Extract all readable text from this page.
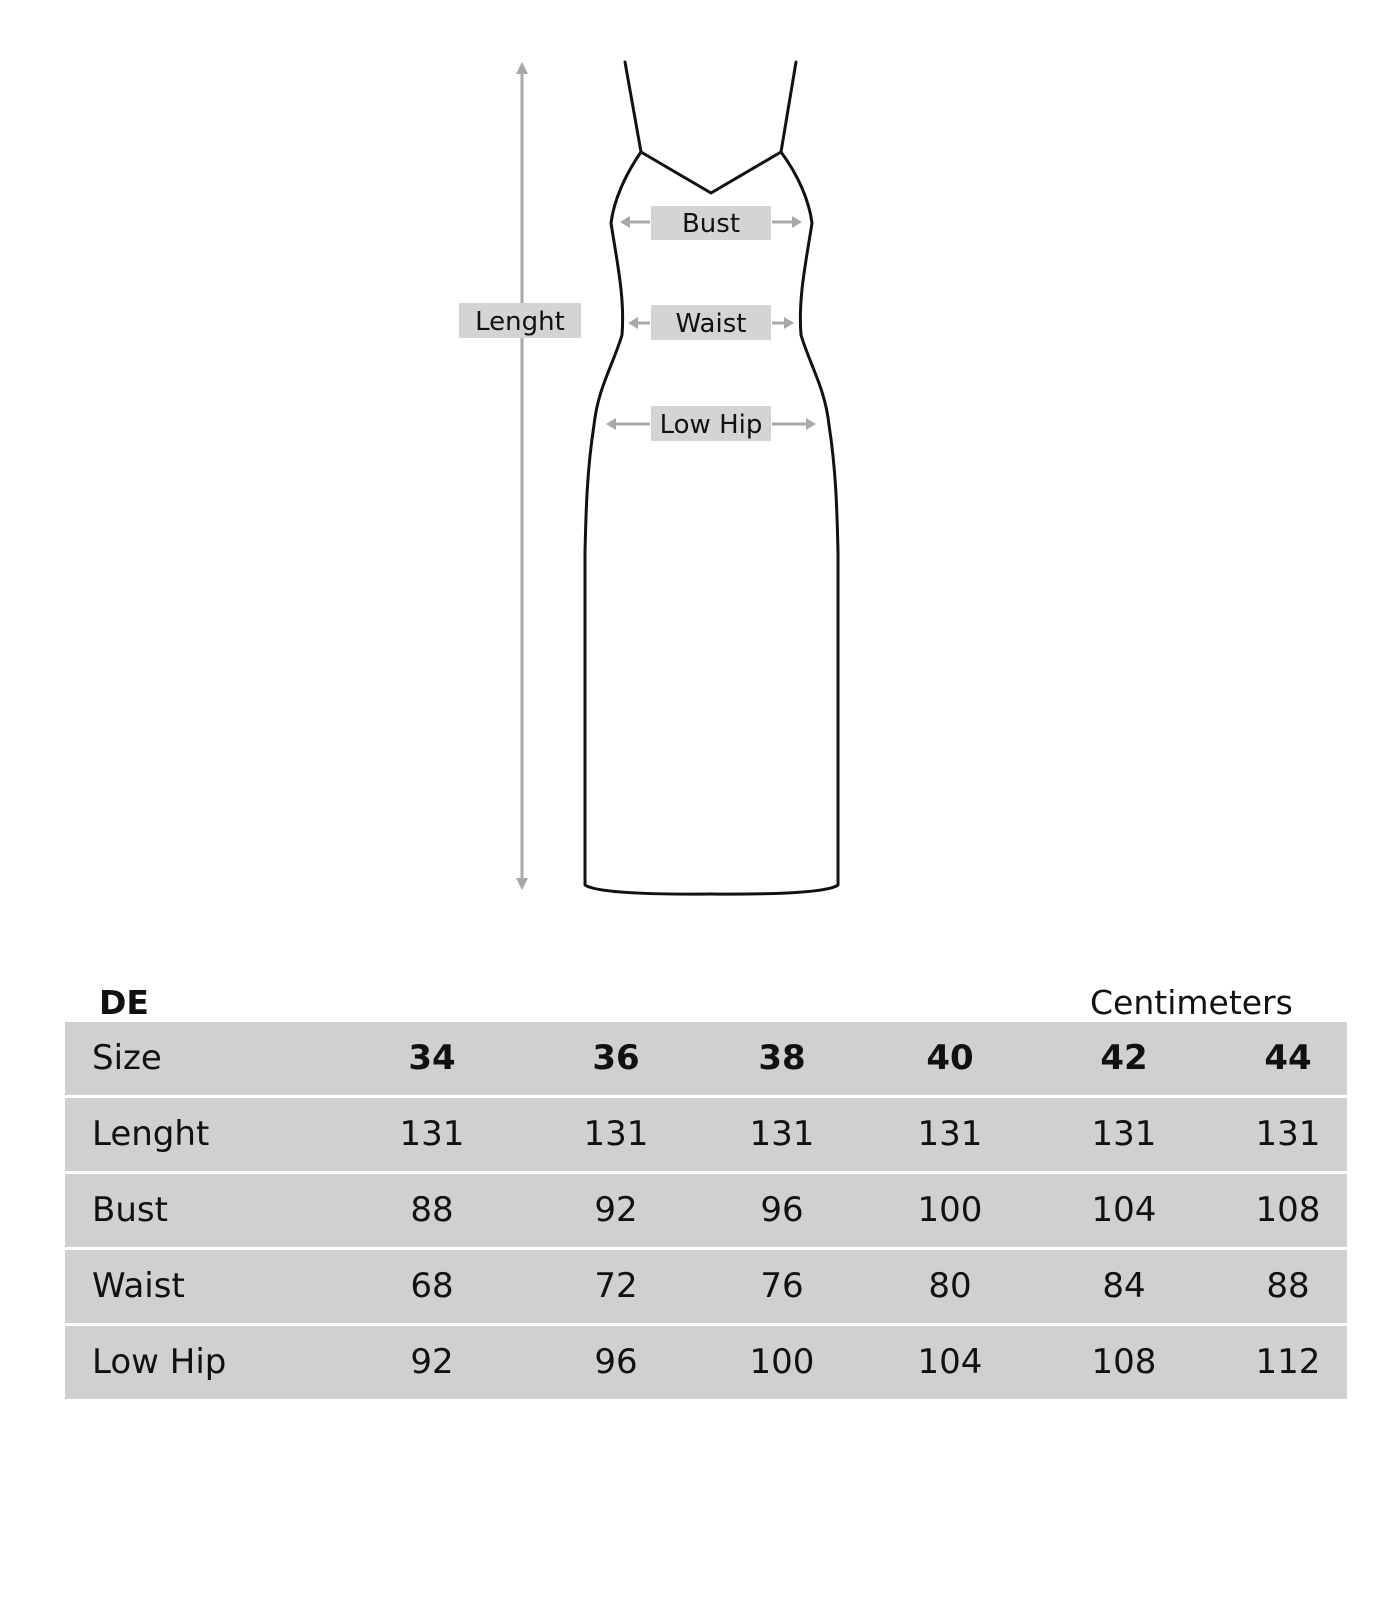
Lenght
Bust
Waist
Low Hip
DE	Centimeters
Size	34	36	38	40	42	44
Lenght	131	131	131	131	131	131
Bust	88	92	96	100	104	108
Waist	68	72	76	80	84	88
Low Hip	92	96	100	104	108	112
